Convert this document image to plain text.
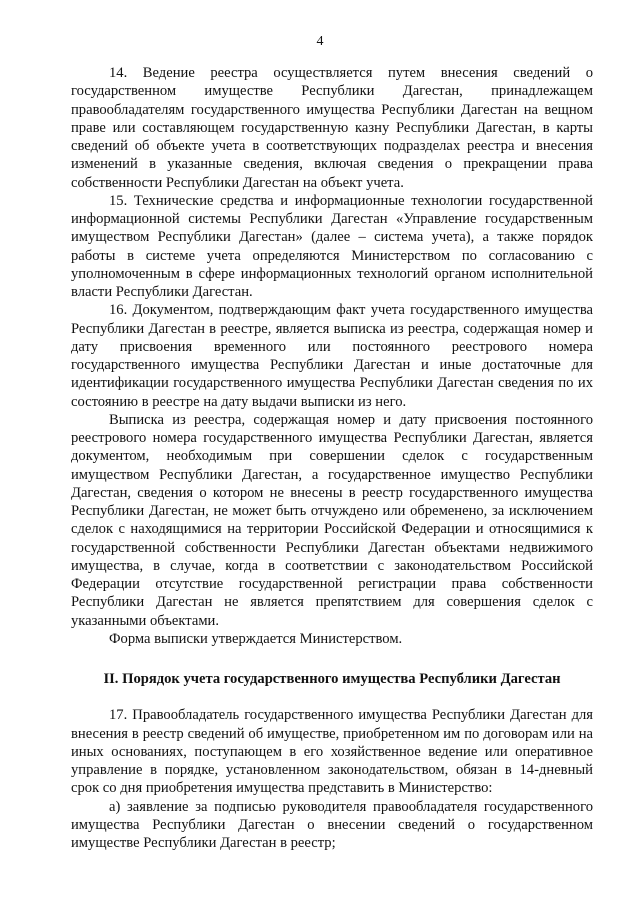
4

14. Ведение реестра осуществляется путем внесения сведений о государственном имуществе Республики Дагестан, принадлежащем правообладателям государственного имущества Республики Дагестан на вещном праве или составляющем государственную казну Республики Дагестан, в карты сведений об объекте учета в соответствующих подразделах реестра и внесения изменений в указанные сведения, включая сведения о прекращении права собственности Республики Дагестан на объект учета.

15. Технические средства и информационные технологии государственной информационной системы Республики Дагестан «Управление государственным имуществом Республики Дагестан» (далее – система учета), а также порядок работы в системе учета определяются Министерством по согласованию с уполномоченным в сфере информационных технологий органом исполнительной власти Республики Дагестан.

16. Документом, подтверждающим факт учета государственного имущества Республики Дагестан в реестре, является выписка из реестра, содержащая номер и дату присвоения временного или постоянного реестрового номера государственного имущества Республики Дагестан и иные достаточные для идентификации государственного имущества Республики Дагестан сведения по их состоянию в реестре на дату выдачи выписки из него.

Выписка из реестра, содержащая номер и дату присвоения постоянного реестрового номера государственного имущества Республики Дагестан, является документом, необходимым при совершении сделок с государственным имуществом Республики Дагестан, а государственное имущество Республики Дагестан, сведения о котором не внесены в реестр государственного имущества Республики Дагестан, не может быть отчуждено или обременено, за исключением сделок с находящимися на территории Российской Федерации и относящимися к государственной собственности Республики Дагестан объектами недвижимого имущества, в случае, когда в соответствии с законодательством Российской Федерации отсутствие государственной регистрации права собственности Республики Дагестан не является препятствием для совершения сделок с указанными объектами.

Форма выписки утверждается Министерством.

II. Порядок учета государственного имущества Республики Дагестан

17. Правообладатель государственного имущества Республики Дагестан для внесения в реестр сведений об имуществе, приобретенном им по договорам или на иных основаниях, поступающем в его хозяйственное ведение или оперативное управление в порядке, установленном законодательством, обязан в 14-дневный срок со дня приобретения имущества представить в Министерство:

а) заявление за подписью руководителя правообладателя государственного имущества Республики Дагестан о внесении сведений о государственном имуществе Республики Дагестан в реестр;
